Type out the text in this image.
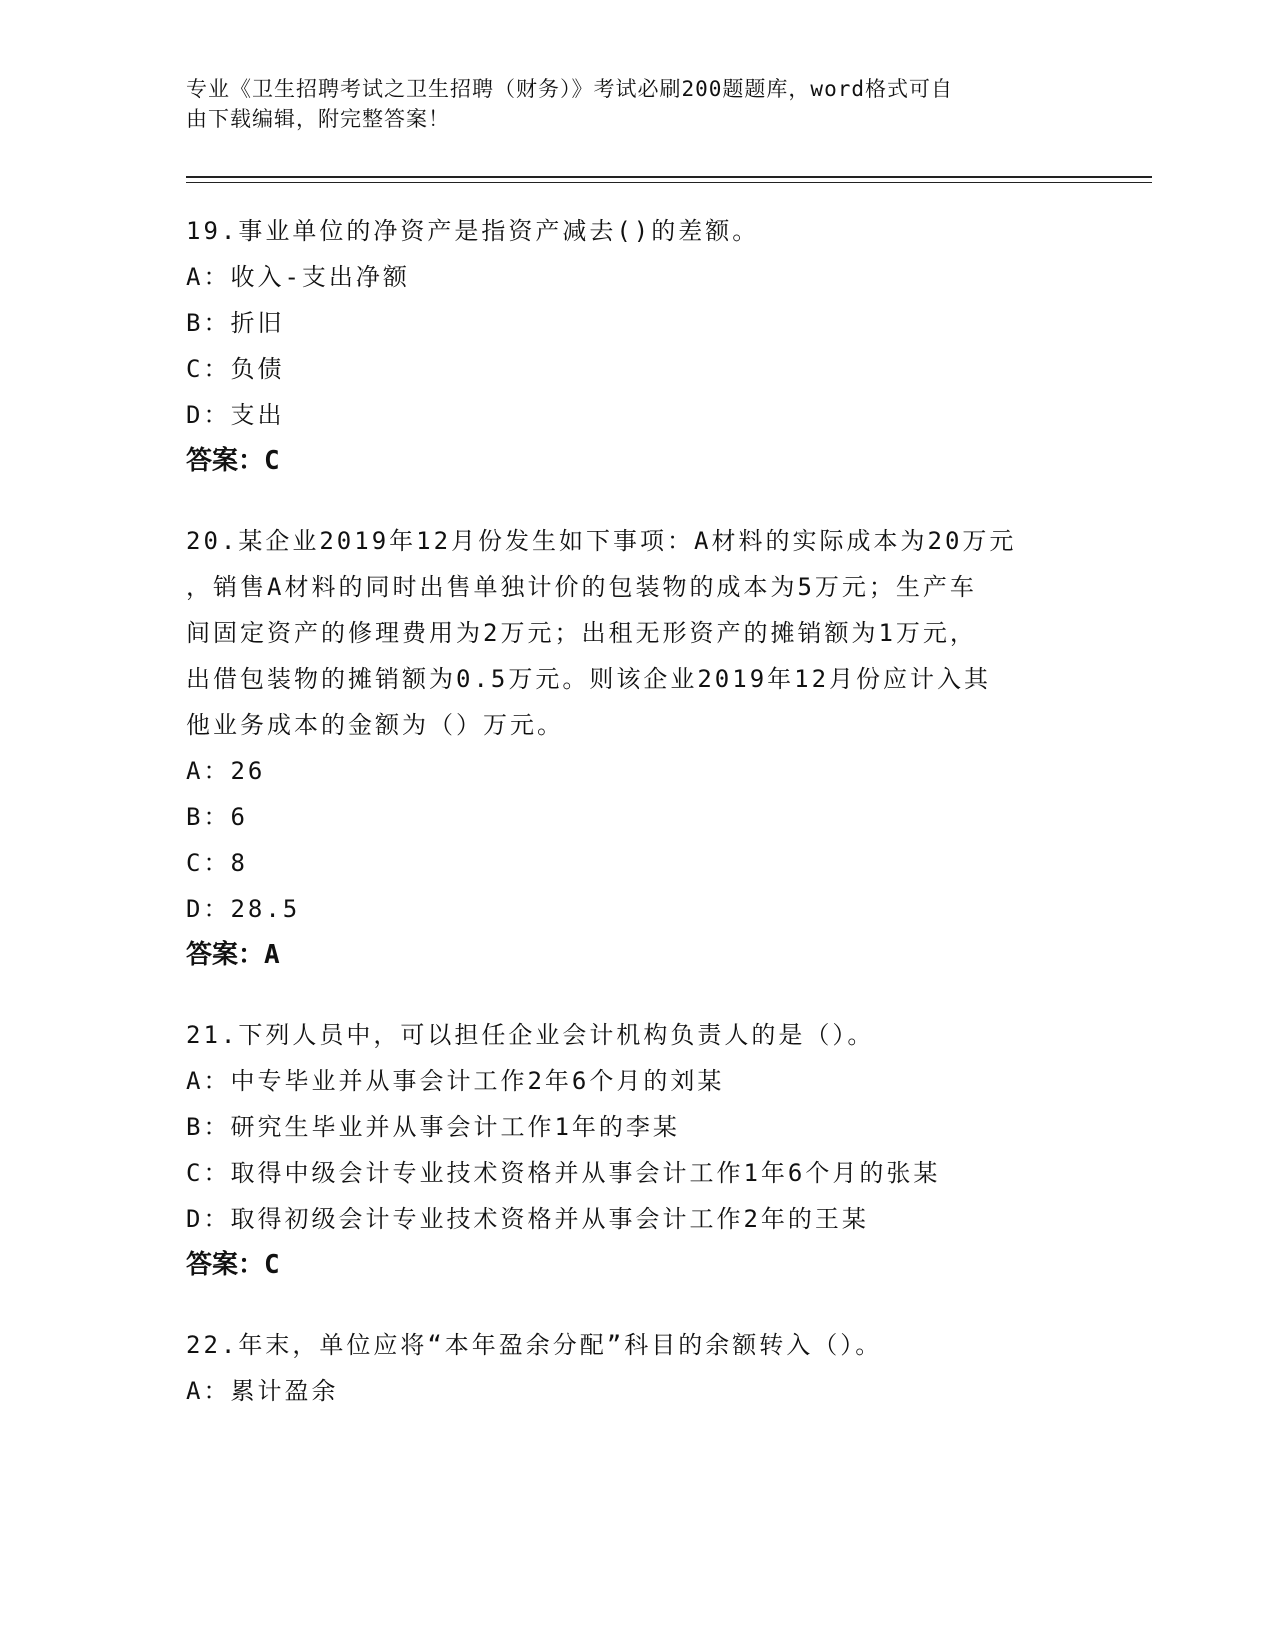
专业《卫生招聘考试之卫生招聘（财务）》考试必刷200题题库，word格式可自
由下载编辑，附完整答案！
19.事业单位的净资产是指资产减去()的差额。
A：收入-支出净额
B：折旧
C：负债
D：支出
答案：C
20.某企业2019年12月份发生如下事项：A材料的实际成本为20万元
，销售A材料的同时出售单独计价的包装物的成本为5万元；生产车
间固定资产的修理费用为2万元；出租无形资产的摊销额为1万元，
出借包装物的摊销额为0.5万元。则该企业2019年12月份应计入其
他业务成本的金额为（）万元。
A：26
B：6
C：8
D：28.5
答案：A
21.下列人员中，可以担任企业会计机构负责人的是（）。
A：中专毕业并从事会计工作2年6个月的刘某
B：研究生毕业并从事会计工作1年的李某
C：取得中级会计专业技术资格并从事会计工作1年6个月的张某
D：取得初级会计专业技术资格并从事会计工作2年的王某
答案：C
22.年末，单位应将“本年盈余分配”科目的余额转入（）。
A：累计盈余
